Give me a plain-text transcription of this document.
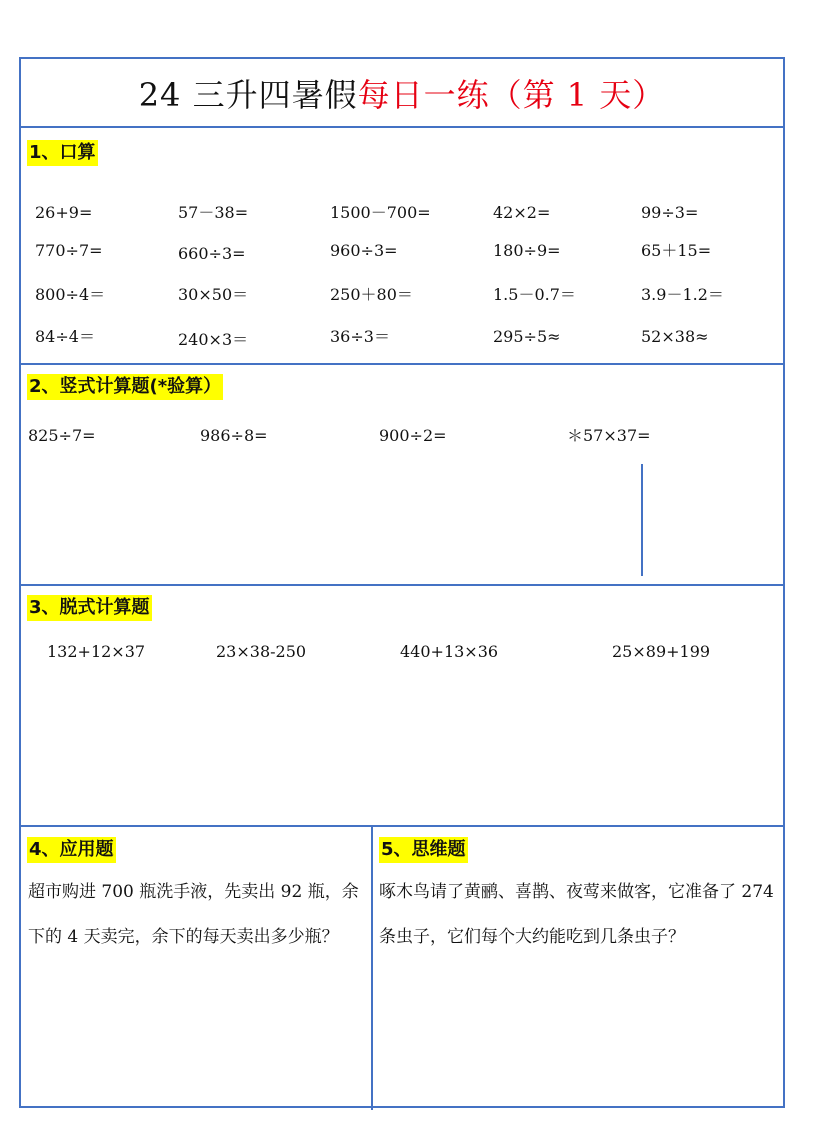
24 三升四暑假每日一练（第 1 天）
1、口算
26+9=	57－38=	1500－700=	42×2=	99÷3=
770÷7=	660÷3=	960÷3=	180÷9=	65＋15=
800÷4＝	30×50＝	250＋80＝	1.5－0.7＝	3.9－1.2＝
84÷4＝	240×3＝	36÷3＝	295÷5≈	52×38≈
2、竖式计算题(*验算）
825÷7=	986÷8=	900÷2=	＊57×37=
3、脱式计算题
132+12×37	23×38-250	440+13×36	25×89+199
4、应用题
超市购进 700 瓶洗手液，先卖出 92 瓶，余下的 4 天卖完，余下的每天卖出多少瓶？
5、思维题
啄木鸟请了黄鹂、喜鹊、夜莺来做客，它准备了 274 条虫子，它们每个大约能吃到几条虫子？
